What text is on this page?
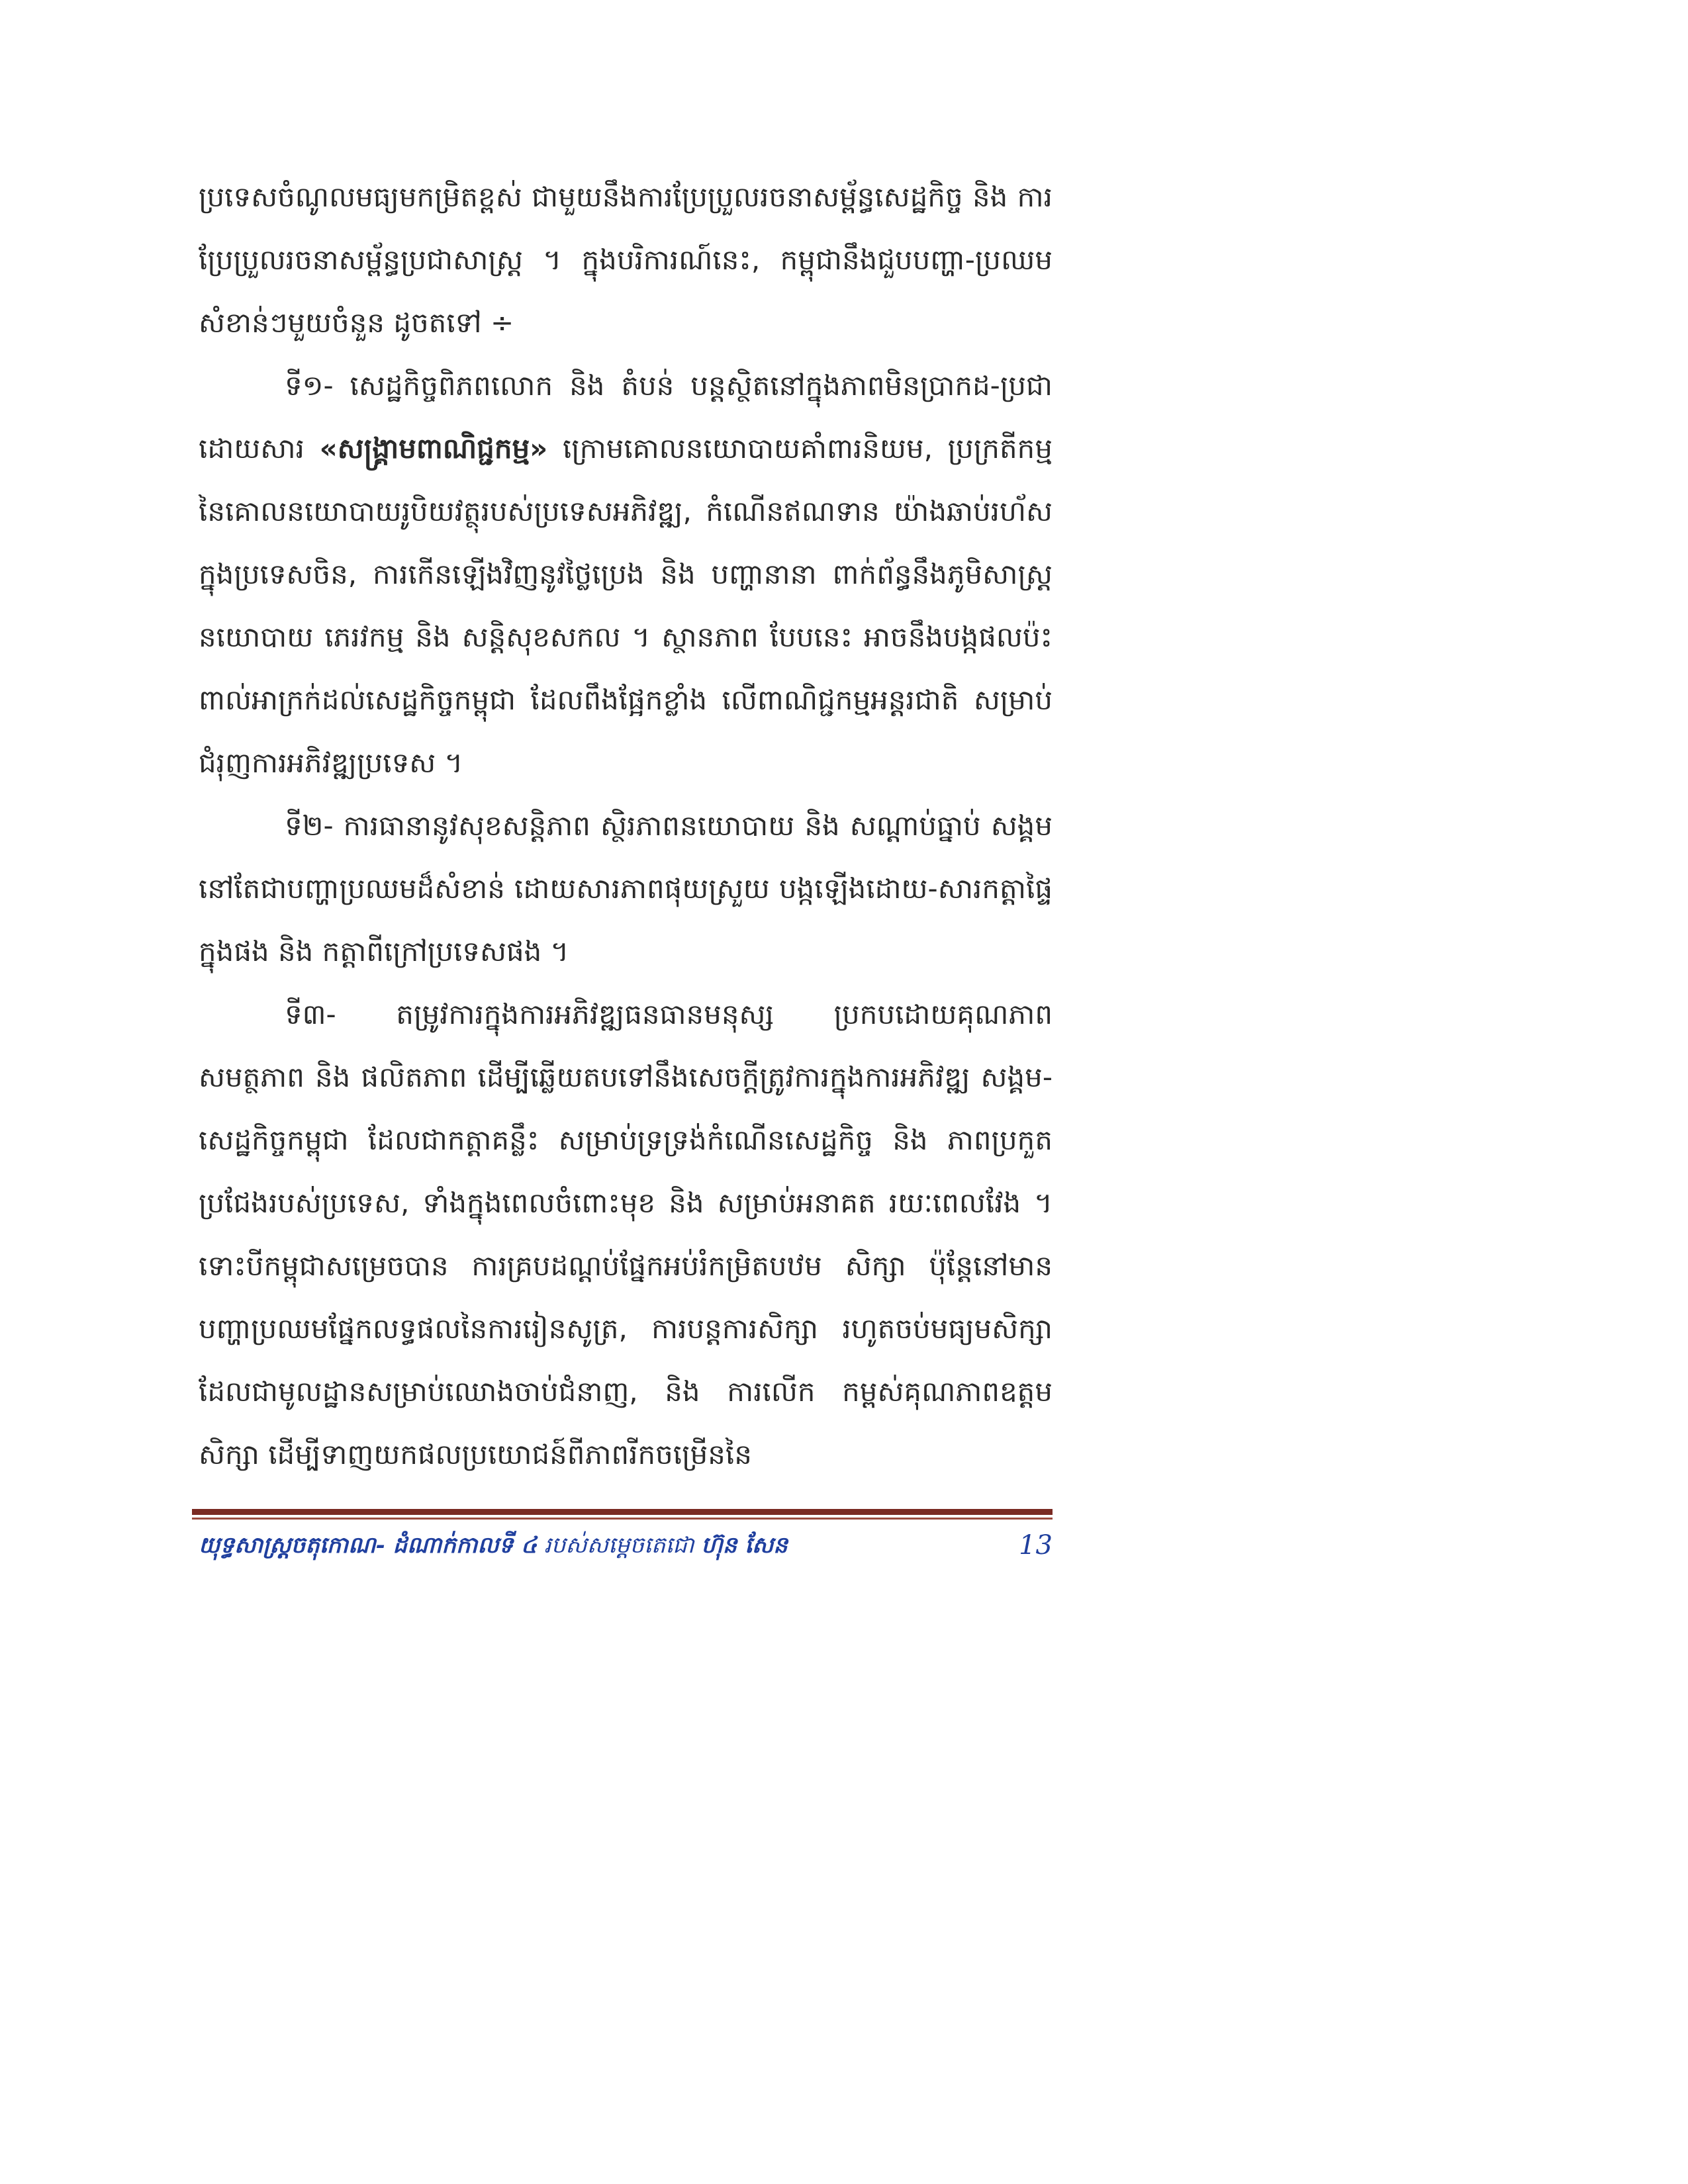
ប្រទេសចំណូលមធ្យមកម្រិតខ្ពស់ ជាមួយនឹងការប្រែប្រួលរចនាសម្ព័ន្ធសេដ្ឋកិច្ច និង ការប្រែប្រួលរចនាសម្ព័ន្ធប្រជាសាស្ត្រ ។ ក្នុងបរិការណ៍នេះ, កម្ពុជានឹងជួបបញ្ហា-ប្រឈមសំខាន់ៗមួយចំនួន ដូចតទៅ ÷

ទី១- សេដ្ឋកិច្ចពិភពលោក និង តំបន់ បន្តស្ថិតនៅក្នុងភាពមិនប្រាកដ-ប្រជា ដោយសារ «សង្គ្រាមពាណិជ្ជកម្ម» ក្រោមគោលនយោបាយគាំពារនិយម, ប្រក្រតីកម្មនៃគោលនយោបាយរូបិយវត្ថុរបស់ប្រទេសអភិវឌ្ឍ, កំណើនឥណទាន យ៉ាងឆាប់រហ័សក្នុងប្រទេសចិន, ការកើនឡើងវិញនូវថ្លៃប្រេង និង បញ្ហានានា ពាក់ព័ន្ធនឹងភូមិសាស្ត្រនយោបាយ ភេរវកម្ម និង សន្តិសុខសកល ។ ស្ថានភាព បែបនេះ អាចនឹងបង្កផលប៉ះពាល់អាក្រក់ដល់សេដ្ឋកិច្ចកម្ពុជា ដែលពឹងផ្អែកខ្លាំង លើពាណិជ្ជកម្មអន្តរជាតិ សម្រាប់ជំរុញការអភិវឌ្ឍប្រទេស ។

ទី២- ការធានានូវសុខសន្តិភាព ស្ថិរភាពនយោបាយ និង សណ្តាប់ធ្នាប់ សង្គម នៅតែជាបញ្ហាប្រឈមដ៏សំខាន់ ដោយសារភាពផុយស្រួយ បង្កឡើងដោយ-សារកត្តាផ្ទៃក្នុងផង និង កត្តាពីក្រៅប្រទេសផង ។

ទី៣- តម្រូវការក្នុងការអភិវឌ្ឍធនធានមនុស្ស ប្រកបដោយគុណភាព សមត្ថភាព និង ផលិតភាព ដើម្បីឆ្លើយតបទៅនឹងសេចក្តីត្រូវការក្នុងការអភិវឌ្ឍ សង្គម- សេដ្ឋកិច្ចកម្ពុជា ដែលជាកត្តាគន្លឹះ សម្រាប់ទ្រទ្រង់កំណើនសេដ្ឋកិច្ច និង ភាពប្រកួតប្រជែងរបស់ប្រទេស, ទាំងក្នុងពេលចំពោះមុខ និង សម្រាប់អនាគត រយៈពេលវែង ។ ទោះបីកម្ពុជាសម្រេចបាន ការគ្របដណ្តប់ផ្នែកអប់រំកម្រិតបឋម សិក្សា ប៉ុន្តែនៅមានបញ្ហាប្រឈមផ្នែកលទ្ធផលនៃការរៀនសូត្រ, ការបន្តការសិក្សា រហូតចប់មធ្យមសិក្សា ដែលជាមូលដ្ឋានសម្រាប់ឈោងចាប់ជំនាញ, និង ការលើក កម្ពស់គុណភាពឧត្តមសិក្សា ដើម្បីទាញយកផលប្រយោជន៍ពីភាពរីកចម្រើននៃ

យុទ្ធសាស្ត្រចតុកោណ- ដំណាក់កាលទី ៤ របស់សម្តេចតេជោ ហ៊ុន សែន	13
